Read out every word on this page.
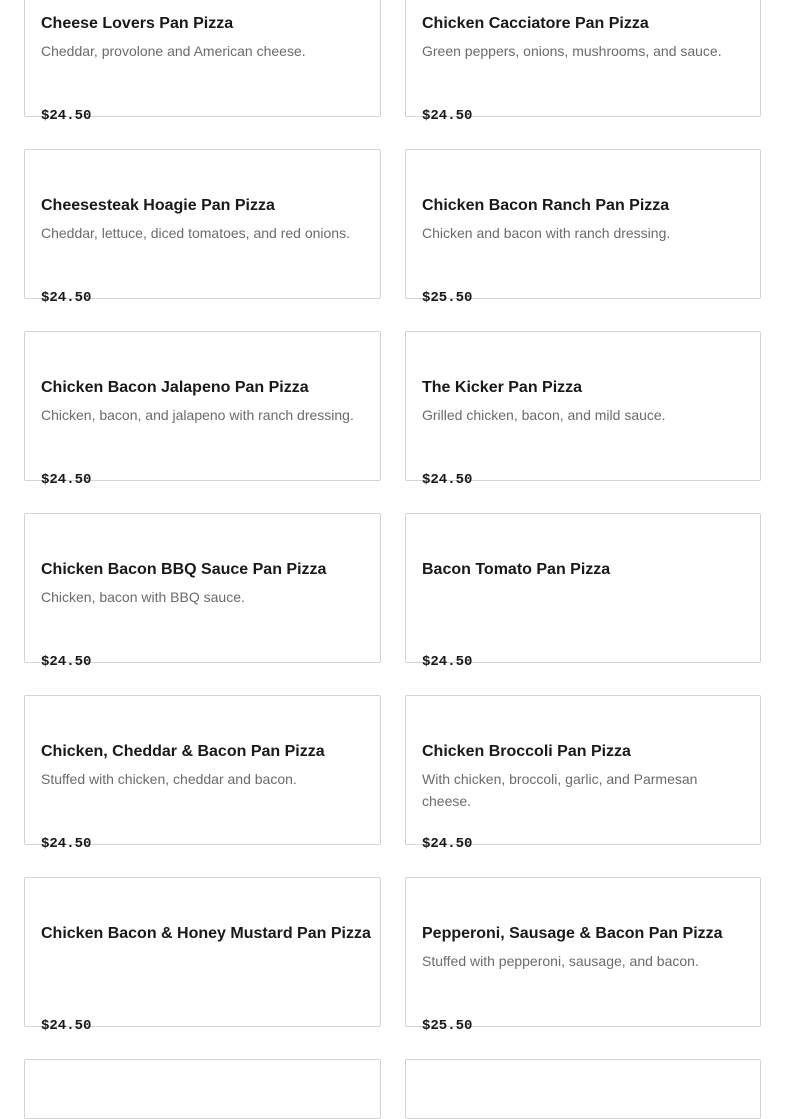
Cheese Lovers Pan Pizza
Cheddar, provolone and American cheese.
$24.50
Chicken Cacciatore Pan Pizza
Green peppers, onions, mushrooms, and sauce.
$24.50
Cheesesteak Hoagie Pan Pizza
Cheddar, lettuce, diced tomatoes, and red onions.
$24.50
Chicken Bacon Ranch Pan Pizza
Chicken and bacon with ranch dressing.
$25.50
Chicken Bacon Jalapeno Pan Pizza
Chicken, bacon, and jalapeno with ranch dressing.
$24.50
The Kicker Pan Pizza
Grilled chicken, bacon, and mild sauce.
$24.50
Chicken Bacon BBQ Sauce Pan Pizza
Chicken, bacon with BBQ sauce.
$24.50
Bacon Tomato Pan Pizza
$24.50
Chicken, Cheddar & Bacon Pan Pizza
Stuffed with chicken, cheddar and bacon.
$24.50
Chicken Broccoli Pan Pizza
With chicken, broccoli, garlic, and Parmesan cheese.
$24.50
Chicken Bacon & Honey Mustard Pan Pizza
$24.50
Pepperoni, Sausage & Bacon Pan Pizza
Stuffed with pepperoni, sausage, and bacon.
$25.50
